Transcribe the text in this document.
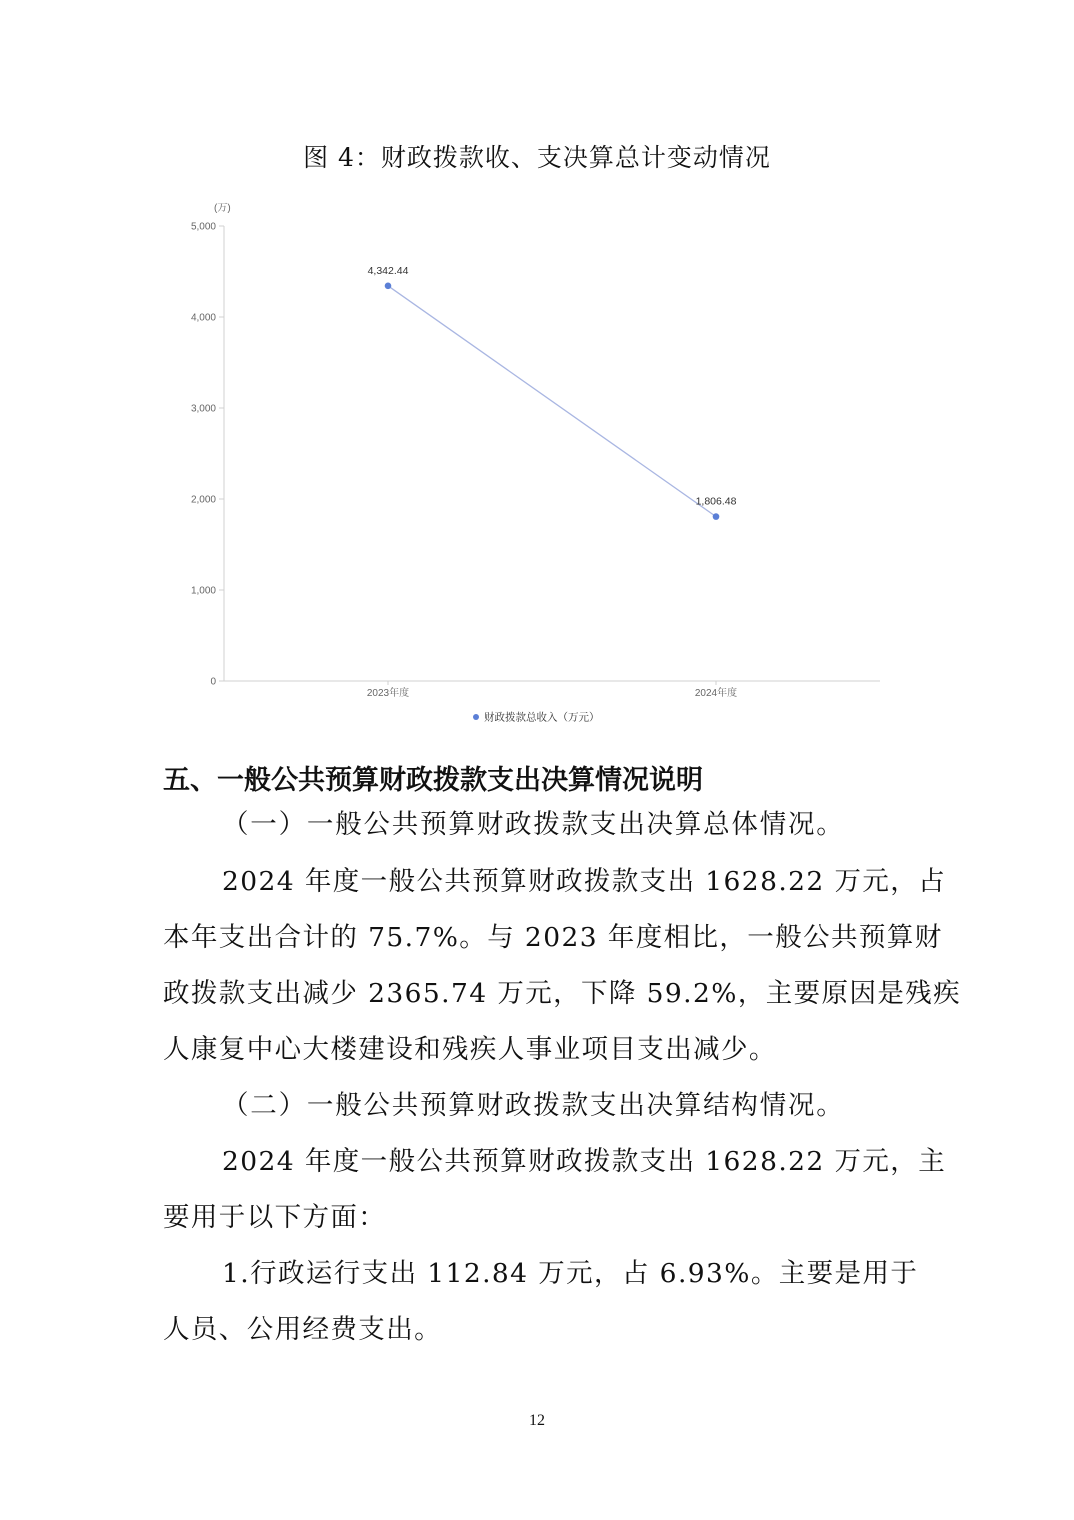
图 4：财政拨款收、支决算总计变动情况
(万)
0
1,000
2,000
3,000
4,000
5,000
2023年度	2024年度
4,342.44
1,806.48
财政拨款总收入（万元）
五、一般公共预算财政拨款支出决算情况说明
（一）一般公共预算财政拨款支出决算总体情况。
2024 年度一般公共预算财政拨款支出 1628.22 万元，占
本年支出合计的 75.7%。与 2023 年度相比，一般公共预算财
政拨款支出减少 2365.74 万元，下降 59.2%，主要原因是残疾
人康复中心大楼建设和残疾人事业项目支出减少。
（二）一般公共预算财政拨款支出决算结构情况。
2024 年度一般公共预算财政拨款支出 1628.22 万元，主
要用于以下方面：
1.行政运行支出 112.84 万元，占 6.93%。主要是用于
人员、公用经费支出。
12
